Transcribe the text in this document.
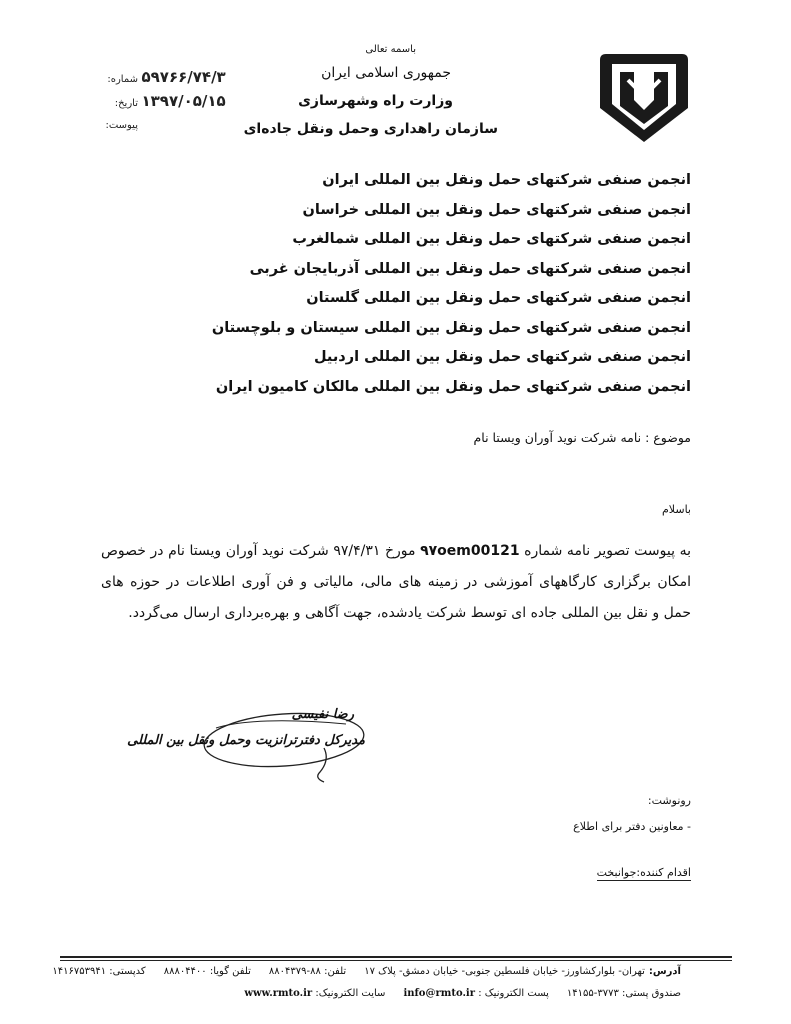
باسمه تعالی
جمهوری اسلامی ایران
وزارت راه وشهرسازی
سازمان راهداری وحمل ونقل جاده‌ای
شماره: ۵۹۷۶۶/۷۴/۳
تاریخ: ۱۳۹۷/۰۵/۱۵
پیوست:
انجمن صنفی شرکتهای حمل ونقل بین المللی ایران
انجمن صنفی شرکتهای حمل ونقل بین المللی خراسان
انجمن صنفی شرکتهای حمل ونقل بین المللی شمالغرب
انجمن صنفی شرکتهای حمل ونقل بین المللی آذربایجان غربی
انجمن صنفی شرکتهای حمل ونقل بین المللی گلستان
انجمن صنفی شرکتهای حمل ونقل بین المللی سیستان و بلوچستان
انجمن صنفی شرکتهای حمل ونقل بین المللی اردبیل
انجمن صنفی شرکتهای حمل ونقل بین المللی مالکان کامیون ایران
موضوع : نامه شرکت نوید آوران ویستا نام
باسلام
به پیوست تصویر نامه شماره ۹۷oem00121 مورخ ۹۷/۴/۳۱ شرکت نوید آوران ویستا نام در خصوص امکان برگزاری کارگاههای آموزشی در زمینه های مالی، مالیاتی و فن آوری اطلاعات در حوزه های حمل و نقل بین المللی جاده ای توسط شرکت یادشده، جهت آگاهی و بهره‌برداری ارسال می‌گردد.
رضا نفیسی
مدیرکل دفترترانزیت وحمل ونقل بین المللی
رونوشت:
- معاونین دفتر برای اطلاع
اقدام کننده:جوانبخت
آدرس:تهران- بلوارکشاورز- خیابان فلسطین جنوبی- خیابان دمشق- پلاک ۱۷تلفن: ۸۸-۸۸۰۴۳۷۹تلفن گویا: ۸۸۸۰۴۴۰۰کدپستی: ۱۴۱۶۷۵۳۹۴۱
صندوق پستی: ۳۷۷۳-۱۴۱۵۵پست الکترونیک : info@rmto.irسایت الکترونیک: www.rmto.ir
